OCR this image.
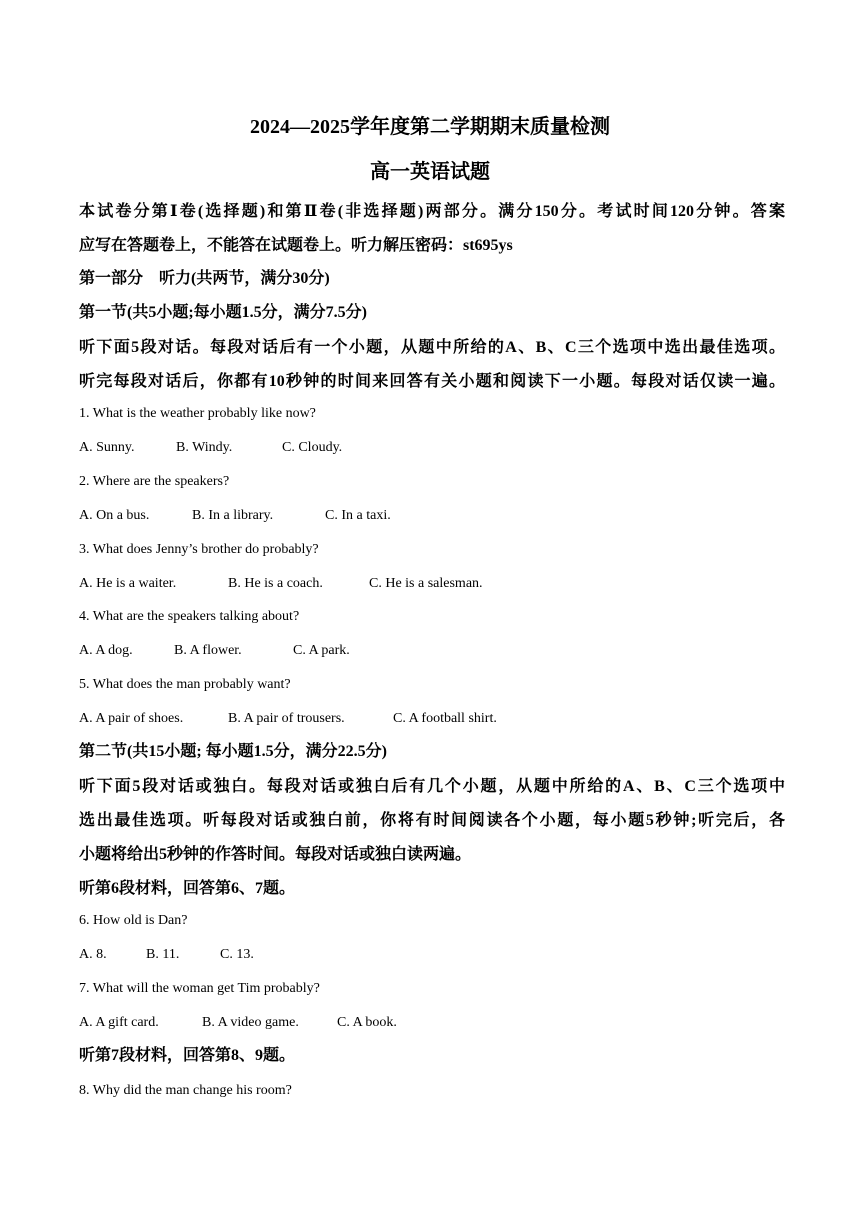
2024—2025学年度第二学期期末质量检测
高一英语试题
本试卷分第Ⅰ卷(选择题)和第Ⅱ卷(非选择题)两部分。满分150分。考试时间120分钟。答案
应写在答题卷上，不能答在试题卷上。听力解压密码：st695ys
第一部分　听力(共两节，满分30分)
第一节(共5小题;每小题1.5分，满分7.5分)
听下面5段对话。每段对话后有一个小题，从题中所给的A、B、C三个选项中选出最佳选项。
听完每段对话后，你都有10秒钟的时间来回答有关小题和阅读下一小题。每段对话仅读一遍。
1. What is the weather probably like now?
A. Sunny.	B. Windy.	C. Cloudy.
2. Where are the speakers?
A. On a bus.	B. In a library.	C. In a taxi.
3. What does Jenny’s brother do probably?
A. He is a waiter.	B. He is a coach.	C. He is a salesman.
4. What are the speakers talking about?
A. A dog.	B. A flower.	C. A park.
5. What does the man probably want?
A. A pair of shoes.	B. A pair of trousers.	C. A football shirt.
第二节(共15小题; 每小题1.5分，满分22.5分)
听下面5段对话或独白。每段对话或独白后有几个小题，从题中所给的A、B、C三个选项中
选出最佳选项。听每段对话或独白前，你将有时间阅读各个小题，每小题5秒钟;听完后，各
小题将给出5秒钟的作答时间。每段对话或独白读两遍。
听第6段材料，回答第6、7题。
6. How old is Dan?
A. 8.	B. 11.	C. 13.
7. What will the woman get Tim probably?
A. A gift card.	B. A video game.	C. A book.
听第7段材料，回答第8、9题。
8. Why did the man change his room?
